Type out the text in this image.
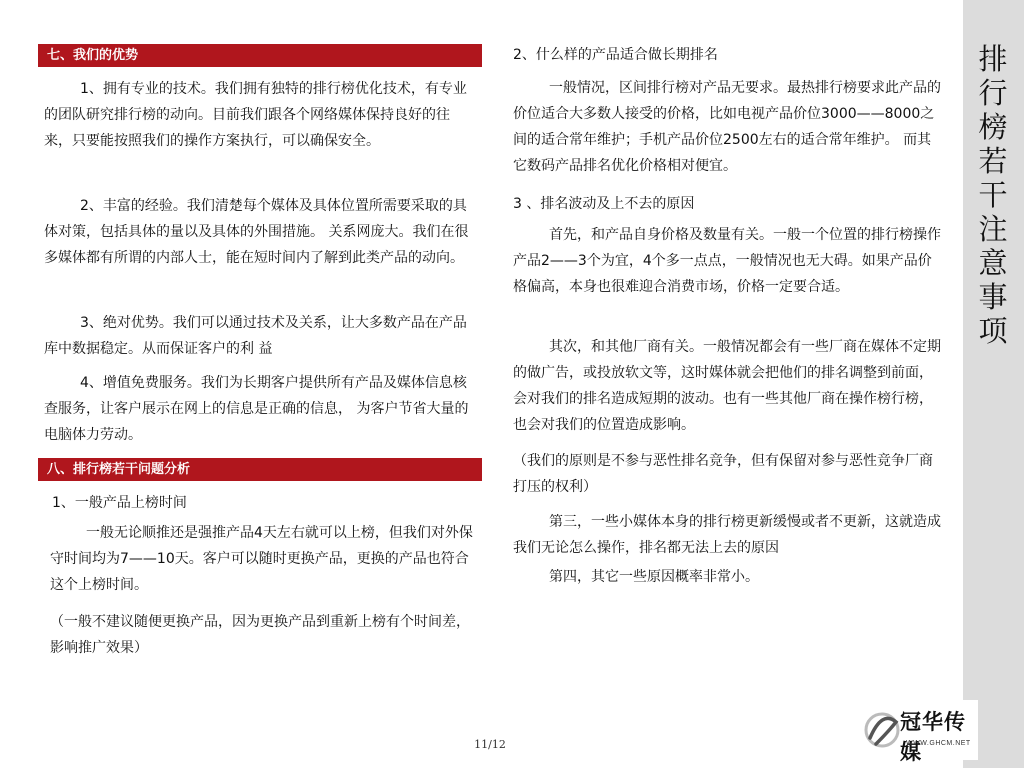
七、我们的优势

1、拥有专业的技术。我们拥有独特的排行榜优化技术，有专业的团队研究排行榜的动向。目前我们跟各个网络媒体保持良好的往来，只要能按照我们的操作方案执行，可以确保安全。

2、丰富的经验。我们清楚每个媒体及具体位置所需要采取的具体对策，包括具体的量以及具体的外围措施。 关系网庞大。我们在很多媒体都有所谓的内部人士，能在短时间内了解到此类产品的动向。

3、绝对优势。我们可以通过技术及关系，让大多数产品在产品库中数据稳定。从而保证客户的利 益

4、增值免费服务。我们为长期客户提供所有产品及媒体信息核查服务，让客户展示在网上的信息是正确的信息， 为客户节省大量的电脑体力劳动。

八、排行榜若干问题分析

1、一般产品上榜时间

一般无论顺推还是强推产品4天左右就可以上榜，但我们对外保守时间均为7——10天。客户可以随时更换产品，更换的产品也符合这个上榜时间。

（一般不建议随便更换产品，因为更换产品到重新上榜有个时间差，影响推广效果）

2、什么样的产品适合做长期排名

一般情况，区间排行榜对产品无要求。最热排行榜要求此产品的价位适合大多数人接受的价格，比如电视产品价位3000——8000之间的适合常年维护；手机产品价位2500左右的适合常年维护。 而其它数码产品排名优化价格相对便宜。

3 、排名波动及上不去的原因

首先，和产品自身价格及数量有关。一般一个位置的排行榜操作产品2——3个为宜，4个多一点点，一般情况也无大碍。如果产品价格偏高，本身也很难迎合消费市场，价格一定要合适。

其次，和其他厂商有关。一般情况都会有一些厂商在媒体不定期的做广告，或投放软文等，这时媒体就会把他们的排名调整到前面，会对我们的排名造成短期的波动。也有一些其他厂商在操作榜行榜，也会对我们的位置造成影响。

（我们的原则是不参与恶性排名竞争，但有保留对参与恶性竞争厂商打压的权利）

第三，一些小媒体本身的排行榜更新缓慢或者不更新，这就造成我们无论怎么操作，排名都无法上去的原因

第四，其它一些原因概率非常小。

排
行
榜
若
干
注
意
事
项
11/12
冠华传媒
WWW.GHCM.NET
